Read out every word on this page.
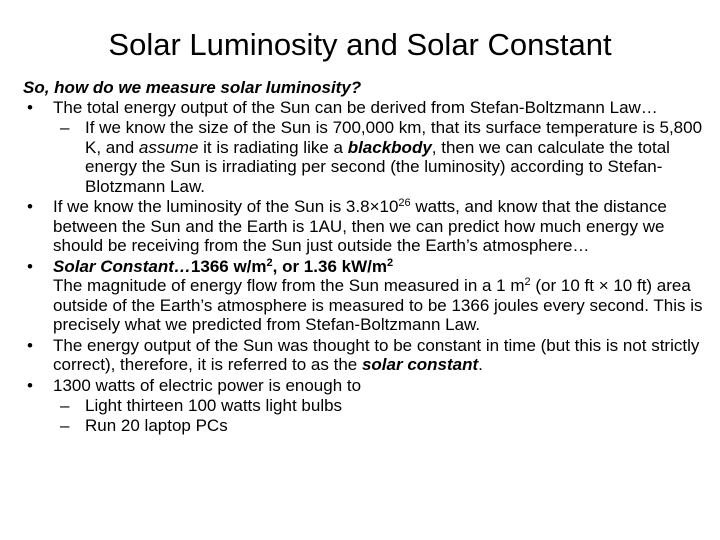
Solar Luminosity and Solar Constant
So, how do we measure solar luminosity?
• The total energy output of the Sun can be derived from Stefan-Boltzmann Law…
– If we know the size of the Sun is 700,000 km, that its surface temperature is 5,800 K, and assume it is radiating like a blackbody, then we can calculate the total energy the Sun is irradiating per second (the luminosity) according to Stefan-Blotzmann Law.
• If we know the luminosity of the Sun is $3.8\times 10^{26}$ watts, and know that the distance between the Sun and the Earth is 1AU, then we can predict how much energy we should be receiving from the Sun just outside the Earth’s atmosphere…
• Solar Constant…1366 $w/m^2$, or 1.36 $kW/m^2$
The magnitude of energy flow from the Sun measured in a 1 $m^2$ (or 10 ft × 10 ft) area outside of the Earth’s atmosphere is measured to be 1366 joules every second. This is precisely what we predicted from Stefan-Boltzmann Law.
• The energy output of the Sun was thought to be constant in time (but this is not strictly correct), therefore, it is referred to as the solar constant.
• 1300 watts of electric power is enough to
– Light thirteen 100 watts light bulbs
– Run 20 laptop PCs
